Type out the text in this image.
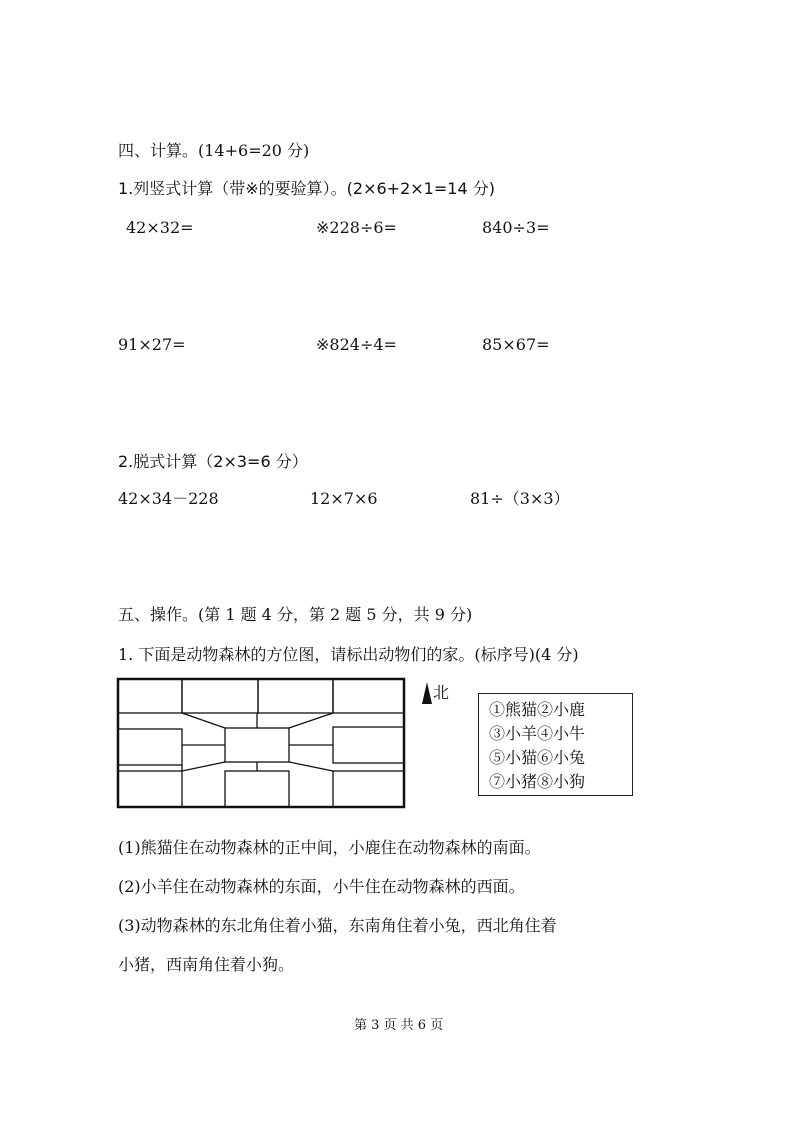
四、计算。(14+6=20 分)
1.列竖式计算（带※的要验算）。(2×6+2×1=14 分)
42×32=	※228÷6=	840÷3=
91×27=	※824÷4=	85×67=
2.脱式计算（2×3=6 分）
42×34－228	12×7×6	81÷（3×3）
五、操作。(第 1 题 4 分，第 2 题 5 分，共 9 分)
1. 下面是动物森林的方位图，请标出动物们的家。(标序号)(4 分)
北
①熊猫②小鹿
③小羊④小牛
⑤小猫⑥小兔
⑦小猪⑧小狗
(1)熊猫住在动物森林的正中间，小鹿住在动物森林的南面。
(2)小羊住在动物森林的东面，小牛住在动物森林的西面。
(3)动物森林的东北角住着小猫，东南角住着小兔，西北角住着
小猪，西南角住着小狗。
第 3 页 共 6 页
